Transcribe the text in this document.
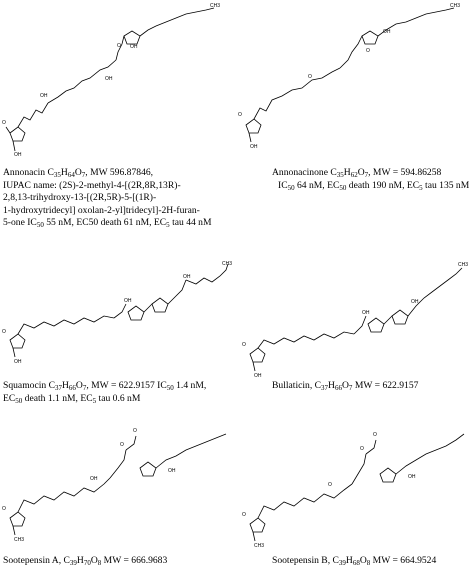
O
OH
OH
OH
O OH
CH3
Annonacin $C_{35}H_{64}O_7$, MW 596.87846,
IUPAC name: (2S)-2-methyl-4-[(2R,8R,13R)-
2,8,13-trihydroxy-13-[(2R,5R)-5-[(1R)-
1-hydroxytridecyl] oxolan-2-yl]tridecyl]-2H-furan-
5-one $IC_{50}$ 55 nM, EC50 death 61 nM, $EC_5$ tau 44 nM
O
OH
O
O
OH
CH3
Annonacinone $C_{35}H_{62}O_7$, MW = 594.86258
$IC_{50}$ 64 nM, $EC_{50}$ death 190 nM, $EC_5$ tau 135 nM
O
OH
OH
OH
CH3
Squamocin $C_{37}H_{66}O_7$, MW = 622.9157 $IC_{50}$ 1.4 nM,
$EC_{50}$ death 1.1 nM, $EC_5$ tau 0.6 nM
O
OH
OH
OH
CH3
Bullaticin, $C_{37}H_{66}O_7$ MW = 622.9157
O
CH3
OH
O
O
OH
Sootepensin A, $C_{39}H_{70}O_8$ MW = 666.9683
O
CH3
O
O
O
OH
Sootepensin B, $C_{39}H_{68}O_8$ MW = 664.9524
